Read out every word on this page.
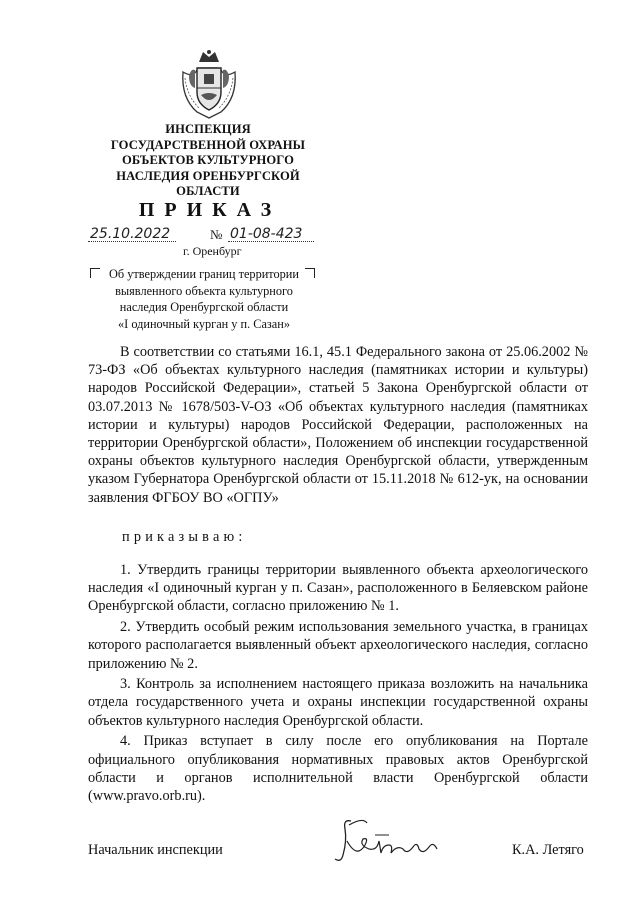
ИНСПЕКЦИЯ
ГОСУДАРСТВЕННОЙ ОХРАНЫ
ОБЪЕКТОВ КУЛЬТУРНОГО
НАСЛЕДИЯ ОРЕНБУРГСКОЙ
ОБЛАСТИ
ПРИКАЗ
25.10.2022	№ 01-08-423
г. Оренбург
Об утверждении границ территории
выявленного объекта культурного
наследия Оренбургской области
«I одиночный курган у п. Сазан»
В соответствии со статьями 16.1, 45.1 Федерального закона от 25.06.2002 № 73-ФЗ «Об объектах культурного наследия (памятниках истории и культуры) народов Российской Федерации», статьей 5 Закона Оренбургской области от 03.07.2013 № 1678/503-V-ОЗ «Об объектах культурного наследия (памятниках истории и культуры) народов Российской Федерации, расположенных на территории Оренбургской области», Положением об инспекции государственной охраны объектов культурного наследия Оренбургской области, утвержденным указом Губернатора Оренбургской области от 15.11.2018 № 612-ук, на основании заявления ФГБОУ ВО «ОГПУ»
приказываю:

1. Утвердить границы территории выявленного объекта археологического наследия «I одиночный курган у п. Сазан», расположенного в Беляевском районе Оренбургской области, согласно приложению № 1.

2. Утвердить особый режим использования земельного участка, в границах которого располагается выявленный объект археологического наследия, согласно приложению № 2.

3. Контроль за исполнением настоящего приказа возложить на начальника отдела государственного учета и охраны инспекции государственной охраны объектов культурного наследия Оренбургской области.

4. Приказ вступает в силу после его опубликования на Портале официального опубликования нормативных правовых актов Оренбургской области и органов исполнительной власти Оренбургской области (www.pravo.orb.ru).

Начальник инспекции	К.А. Летяго
